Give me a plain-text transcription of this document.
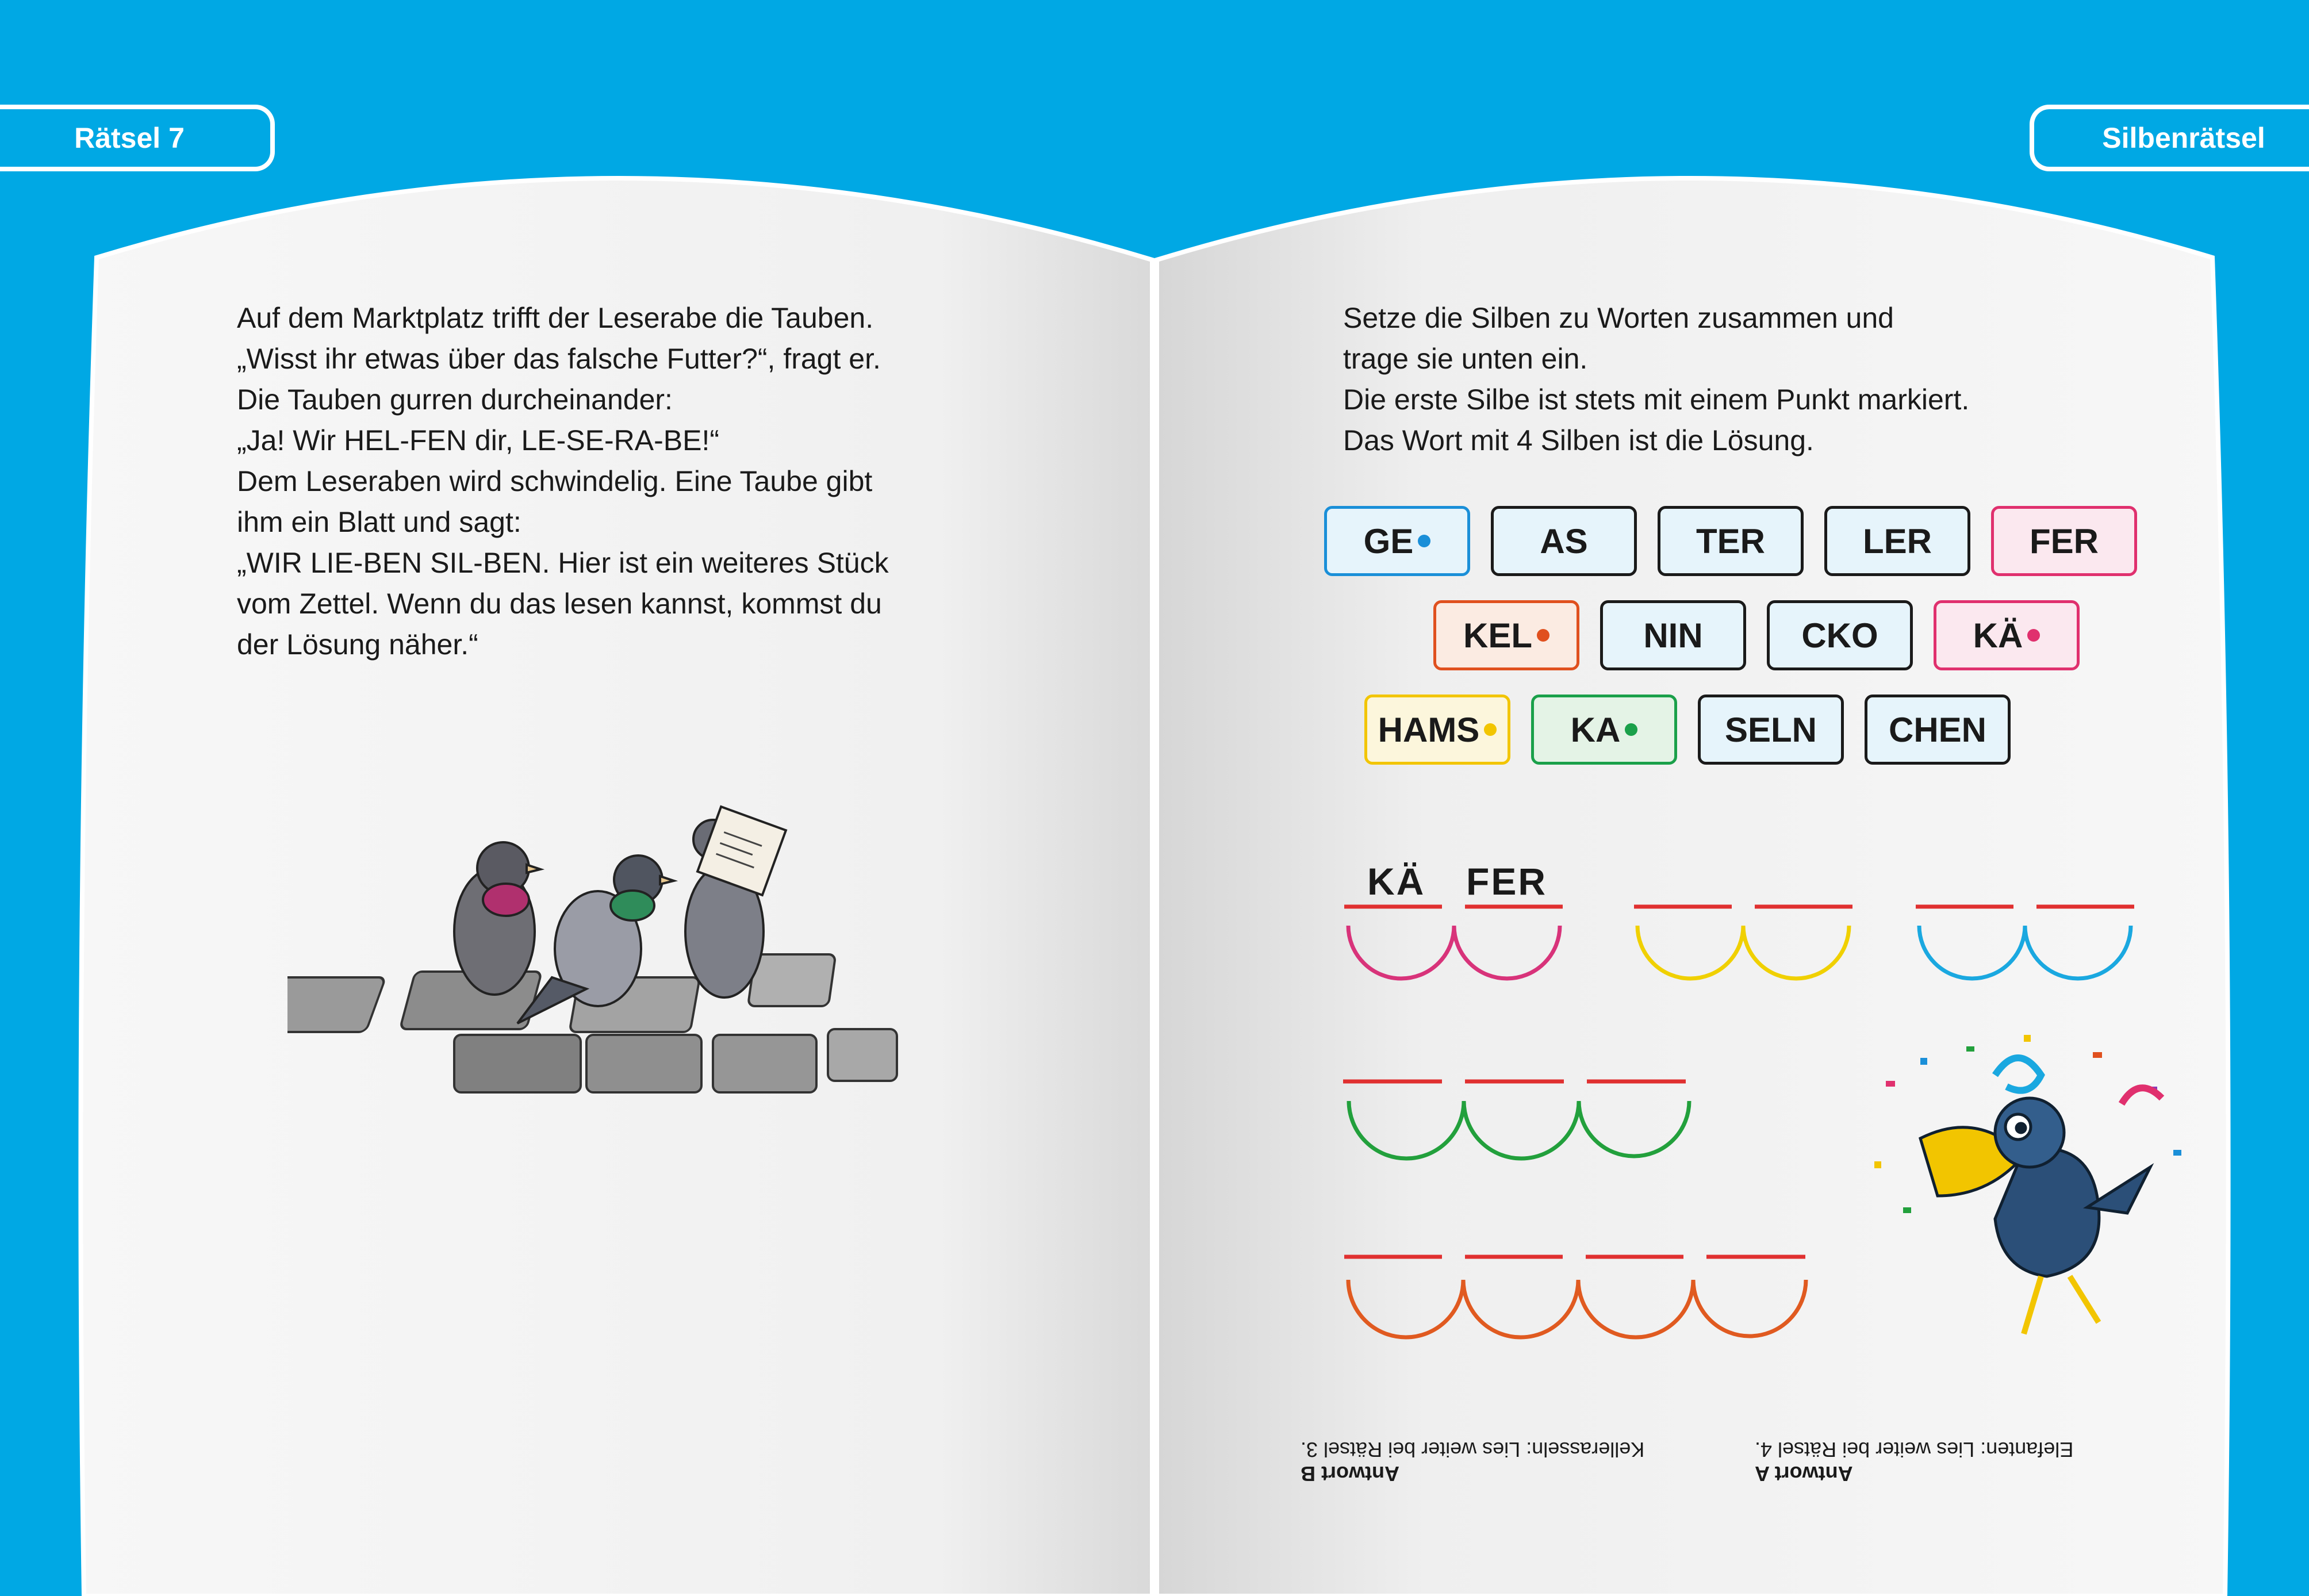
Rätsel 7	Silbenrätsel

Auf dem Marktplatz trifft der Leserabe die Tauben.

„Wisst ihr etwas über das falsche Futter?“, fragt er.

Die Tauben gurren durcheinander:

„Ja! Wir HEL-FEN dir, LE-SE-RA-BE!“

Dem Leseraben wird schwindelig. Eine Taube gibt

ihm ein Blatt und sagt:

„WIR LIE-BEN SIL-BEN. Hier ist ein weiteres Stück

vom Zettel. Wenn du das lesen kannst, kommst du

der Lösung näher.“

Setze die Silben zu Worten zusammen und

trage sie unten ein.

Die erste Silbe ist stets mit einem Punkt markiert.

Das Wort mit 4 Silben ist die Lösung.

GE	AS	TER	LER	FER
KEL	NIN	CKO	KÄ
HAMS	KA	SELN CHEN
KÄ FER
Antwort A
Elefanten: Lies weiter bei Rätsel 4.
Antwort B
Kellerasseln: Lies weiter bei Rätsel 3.
